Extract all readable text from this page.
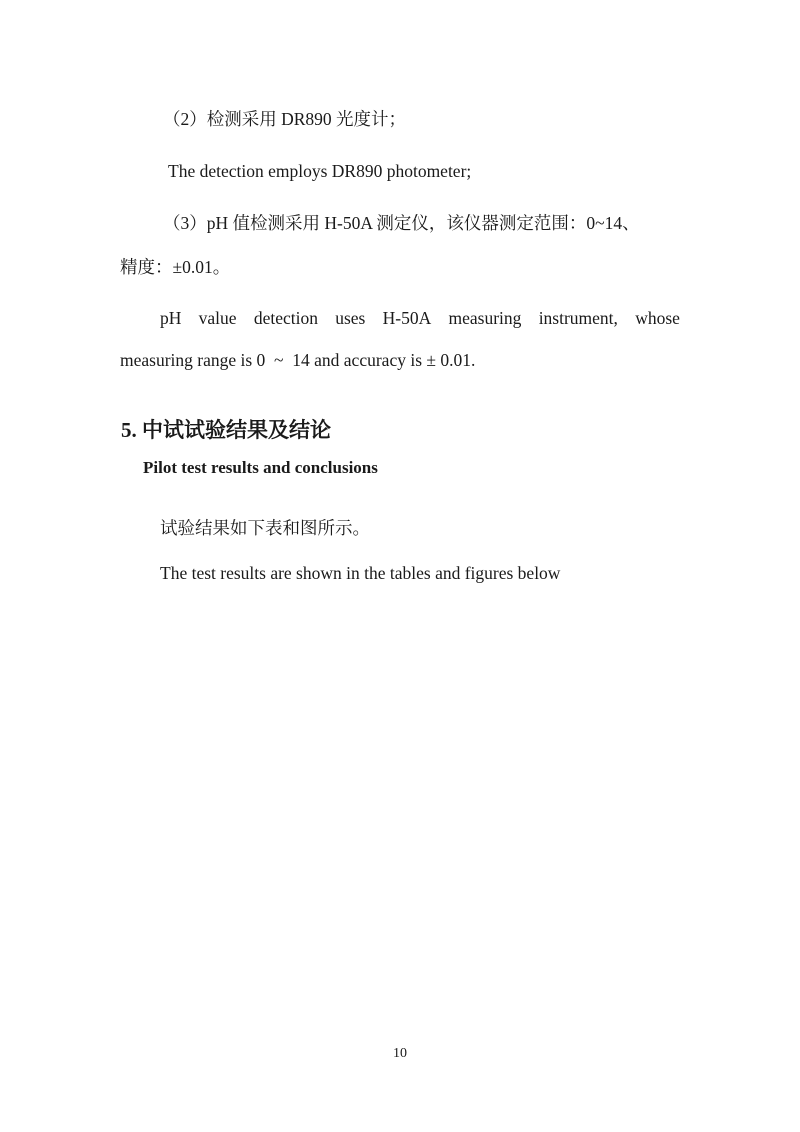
（2）检测采用 DR890 光度计；
The detection employs DR890 photometer;
（3）pH 值检测采用 H-50A 测定仪，该仪器测定范围：0~14、
精度：±0.01。
pH value detection uses H-50A measuring instrument, whose
measuring range is 0  ~  14 and accuracy is ± 0.01.
5. 中试试验结果及结论
Pilot test results and conclusions
试验结果如下表和图所示。
The test results are shown in the tables and figures below
10
